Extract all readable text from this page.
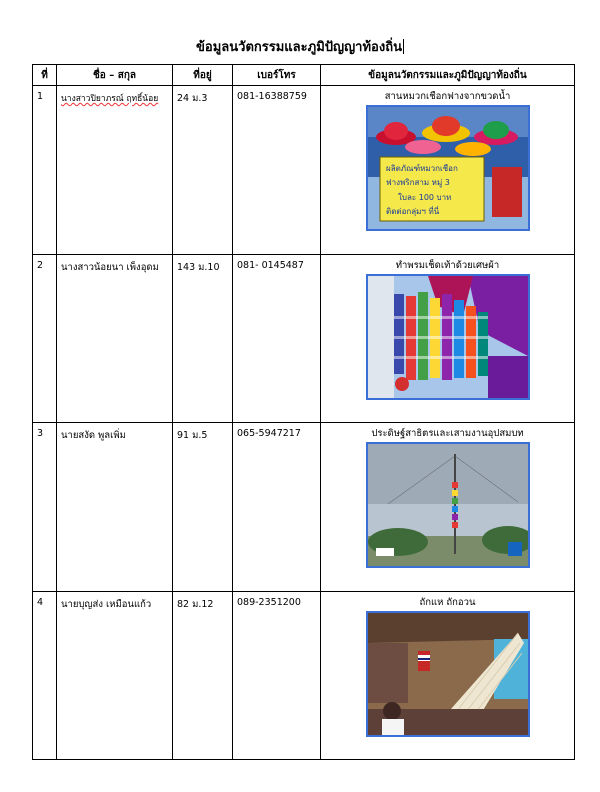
ข้อมูลนวัตกรรมและภูมิปัญญาท้องถิ่น
ที่	ชื่อ – สกุล	ที่อยู่	เบอร์โทร	ข้อมูลนวัตกรรมและภูมิปัญญาท้องถิ่น
1	นางสาวปิยาภรณ์ ฤทธิ์น้อย	24 ม.3	081-16388759	สานหมวกเชือกฟางจากขวดน้ำ
ผลิตภัณฑ์หมวกเชือก
ฟางพริกสาม หมู่ 3
ใบละ 100 บาท
ติดต่อกลุ่มฯ ที่นี่

2	นางสาวน้อยนา เพ็งอุดม	143 ม.10	081- 0145487	ทำพรมเช็ดเท้าด้วยเศษผ้า

3	นายสงัด พูลเพิ่ม	91 ม.5	065-5947217	ประดิษฐ์สาธิตรและเสามงานอุปสมบท

4	นายบุญส่ง เหมือนแก้ว	82 ม.12	089-2351200	ถักแห ถักอวน
